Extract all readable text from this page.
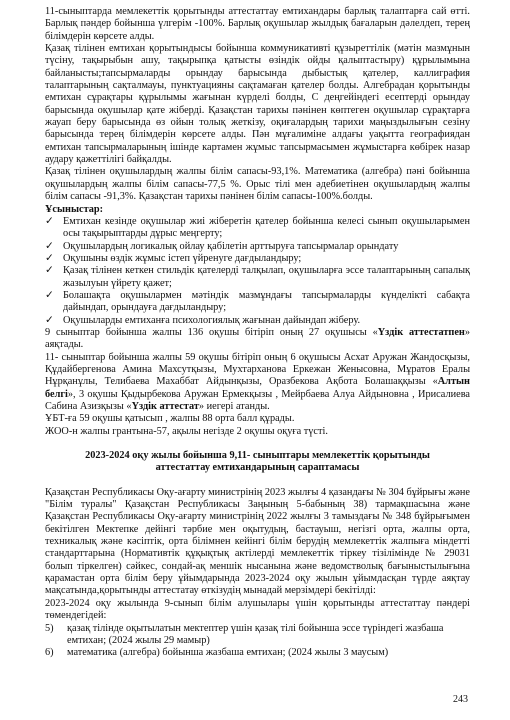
11-сыныптарда мемлекеттік қорытынды аттестаттау емтихандары барлық талаптарға сай өтті. Барлық пәндер бойынша үлгерім -100%. Барлық оқушылар жылдық бағаларын дәлелдеп, терең білімдерін көрсете алды.

Қазақ тілінен емтихан қорытындысы бойынша коммуникативті құзыреттілік (мәтін мазмұнын түсіну, тақырыбын ашу, тақырыпқа қатысты өзіндік ойды қалыптастыру) құрылымына байланысты;тапсырмаларды орындау барысында дыбыстық қателер, каллиграфия талаптарының сақталмауы, пунктуацияны сақтамаған қателер болды. Алгебрадан қорытынды емтихан сұрақтары құрылымы жағынан күрделі болды, С деңгейіндегі есептерді орындау барысында оқушылар қате жіберді. Қазақстан тарихы пәнінен көптеген оқушылар сұрақтарға жауап беру барысында өз ойын толық жеткізу, оқиғалардың тарихи маңыздылығын сезіну барысында терең білімдерін көрсете алды. Пән мұғалиміне алдағы уақытта географиядан емтихан тапсырмаларының ішінде картамен жұмыс тапсырмасымен жұмыстарға көбірек назар аудару қажеттілігі байқалды.

Қазақ тілінен оқушылардың жалпы білім сапасы-93,1%. Математика (алгебра) пәні бойынша оқушылардың жалпы білім сапасы-77,5 %. Орыс тілі мен әдебиетінен оқушылардың жалпы білім сапасы -91,3%. Қазақстан тарихы пәнінен білім сапасы-100%.болды.

Ұсыныстар:

✓ Емтихан кезінде оқушылар жиі жіберетін қателер бойынша келесі сынып оқушыларымен осы тақырыптарды дұрыс меңгерту;
✓ Оқушылардың логикалық ойлау қабілетін арттыруға тапсырмалар орындату
✓ Оқушыны өздік жұмыс істеп үйренуге дағдыландыру;
✓ Қазақ тілінен кеткен стильдік қателерді талқылап, оқушыларға эссе талаптарының сапалық жазылуын үйрету қажет;
✓ Болашақта оқушылармен мәтіндік мазмұндағы тапсырмаларды күнделікті сабақта дайындап, орындауға дағдыландыру;
✓ Оқушыларды емтиханға психологиялық жағынан дайындап жіберу.

9 сыныптар бойынша жалпы 136 оқушы бітіріп оның 27 оқушысы «Үздік аттестатпен» аяқтады.

11- сыныптар бойынша жалпы 59 оқушы бітіріп оның 6 оқушысы Асхат Аружан Жандосқызы, Құдайбергенова Амина Махсутқызы, Мухтарханова Еркежан Женысовна, Мұратов Ералы Нұрқанұлы, Телибаева Махаббат Айдынқызы, Оразбекова Ақбота Болашаққызы «Алтын белгі», 3 оқушы Қыдырбекова Аружан Ермекқызы , Мейрбаева Алуа Айдыновна , Ирисалиева Сабина Азизқызы «Үздік аттестат» иегері атанды.

ҰБТ-ға 59 оқушы қатысып , жалпы 88 орта балл құрады.

ЖОО-н жалпы грантына-57, ақылы негізде 2 оқушы оқуға түсті.

2023-2024 оқу жылы бойынша 9,11- сыныптары мемлекеттік қорытынды аттестаттау емтихандарының сараптамасы

Қазақстан Республикасы Оқу-ағарту министрінің 2023 жылғы 4 қазандағы № 304 бұйрығы және "Білім туралы" Қазақстан Республикасы Заңының 5-бабының 38) тармақшасына және Қазақстан Республикасы Оқу-ағарту министрінің 2022 жылғы 3 тамыздағы № 348 бұйрығымен бекітілген Мектепке дейінгі тәрбие мен оқытудың, бастауыш, негізгі орта, жалпы орта, техникалық және кәсіптік, орта білімнен кейінгі білім берудің мемлекеттік жалпыға міндетті стандарттарына (Нормативтік құқықтық актілерді мемлекеттік тіркеу тізілімінде № 29031 болып тіркелген) сәйкес, сондай-ақ меншік нысанына және ведомстволық бағыныстылығына қарамастан орта білім беру ұйымдарында 2023-2024 оқу жылын ұйымдасқан түрде аяқтау мақсатында,қорытынды аттестатау өткізудің мынадай мерзімдері бекітілді:

2023-2024 оқу жылында 9-сынып білім алушылары үшін қорытынды аттестаттау пәндері төмендегідей:

5)	қазақ тілінде оқытылатын мектептер үшін қазақ тілі бойынша эссе түріндегі жазбаша емтихан; (2024 жылы 29 мамыр)
6)	математика (алгебра) бойынша жазбаша емтихан; (2024 жылы 3 маусым)
243
